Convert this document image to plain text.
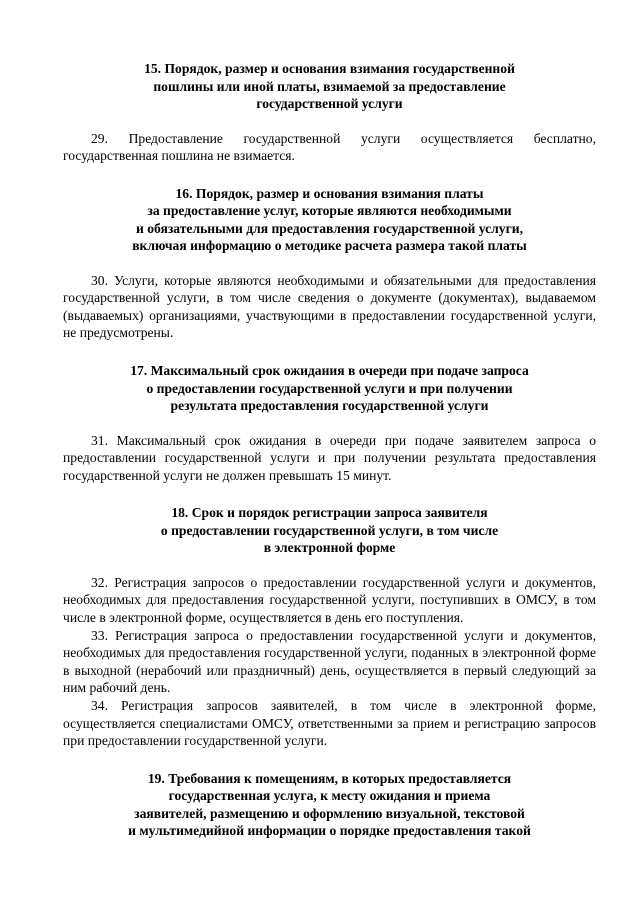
15. Порядок, размер и основания взимания государственной
пошлины или иной платы, взимаемой за предоставление
государственной услуги

29. Предоставление государственной услуги осуществляется бесплатно, государственная пошлина не взимается.

16. Порядок, размер и основания взимания платы
за предоставление услуг, которые являются необходимыми
и обязательными для предоставления государственной услуги,
включая информацию о методике расчета размера такой платы

30. Услуги, которые являются необходимыми и обязательными для предоставления государственной услуги, в том числе сведения о документе (документах), выдаваемом (выдаваемых) организациями, участвующими в предоставлении государственной услуги, не предусмотрены.

17. Максимальный срок ожидания в очереди при подаче запроса
о предоставлении государственной услуги и при получении
результата предоставления государственной услуги

31. Максимальный срок ожидания в очереди при подаче заявителем запроса о предоставлении государственной услуги и при получении результата предоставления государственной услуги не должен превышать 15 минут.

18. Срок и порядок регистрации запроса заявителя
о предоставлении государственной услуги, в том числе
в электронной форме

32. Регистрация запросов о предоставлении государственной услуги и документов, необходимых для предоставления государственной услуги, поступивших в ОМСУ, в том числе в электронной форме, осуществляется в день его поступления.

33. Регистрация запроса о предоставлении государственной услуги и документов, необходимых для предоставления государственной услуги, поданных в электронной форме в выходной (нерабочий или праздничный) день, осуществляется в первый следующий за ним рабочий день.

34. Регистрация запросов заявителей, в том числе в электронной форме, осуществляется специалистами ОМСУ, ответственными за прием и регистрацию запросов при предоставлении государственной услуги.

19. Требования к помещениям, в которых предоставляется
государственная услуга, к месту ожидания и приема
заявителей, размещению и оформлению визуальной, текстовой
и мультимедийной информации о порядке предоставления такой
